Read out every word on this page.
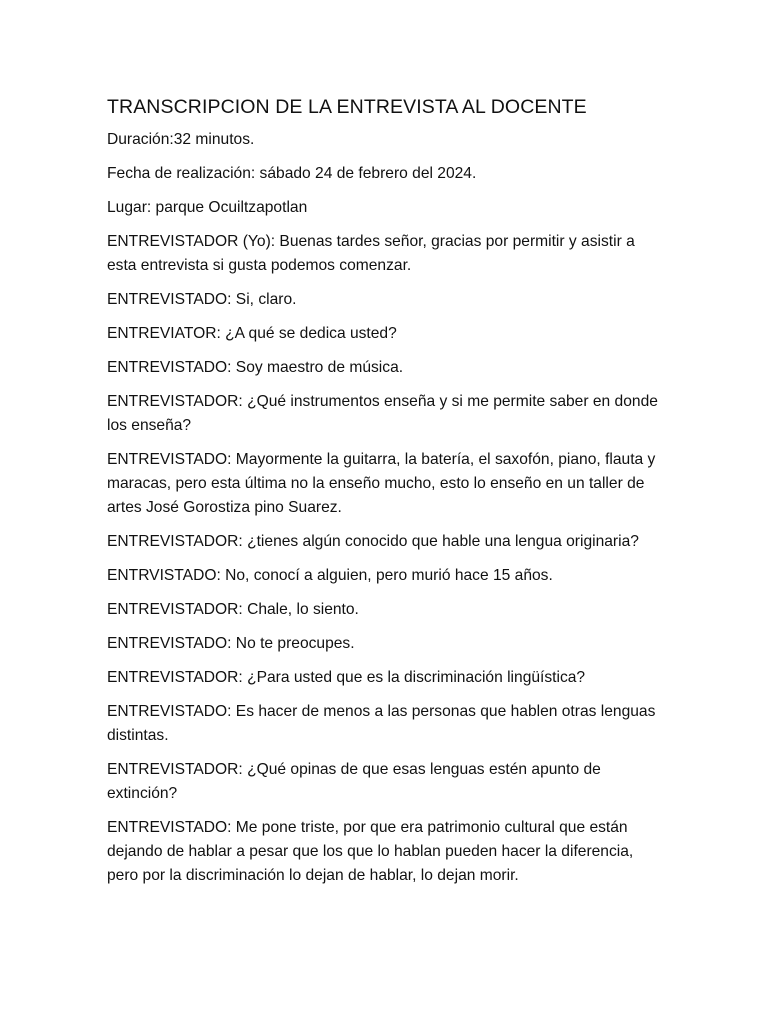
TRANSCRIPCION DE LA ENTREVISTA AL DOCENTE

Duración:32 minutos.

Fecha de realización: sábado 24 de febrero del 2024.

Lugar: parque Ocuiltzapotlan

ENTREVISTADOR (Yo): Buenas tardes señor, gracias por permitir y asistir a esta entrevista si gusta podemos comenzar.

ENTREVISTADO: Si, claro.

ENTREVIATOR: ¿A qué se dedica usted?

ENTREVISTADO: Soy maestro de música.

ENTREVISTADOR: ¿Qué instrumentos enseña y si me permite saber en donde los enseña?

ENTREVISTADO: Mayormente la guitarra, la batería, el saxofón, piano, flauta y maracas, pero esta última no la enseño mucho, esto lo enseño en un taller de artes José Gorostiza pino Suarez.

ENTREVISTADOR: ¿tienes algún conocido que hable una lengua originaria?

ENTRVISTADO: No, conocí a alguien, pero murió hace 15 años.

ENTREVISTADOR: Chale, lo siento.

ENTREVISTADO: No te preocupes.

ENTREVISTADOR: ¿Para usted que es la discriminación lingüística?

ENTREVISTADO: Es hacer de menos a las personas que hablen otras lenguas distintas.

ENTREVISTADOR: ¿Qué opinas de que esas lenguas estén apunto de extinción?

ENTREVISTADO: Me pone triste, por que era patrimonio cultural que están dejando de hablar a pesar que los que lo hablan pueden hacer la diferencia, pero por la discriminación lo dejan de hablar, lo dejan morir.
